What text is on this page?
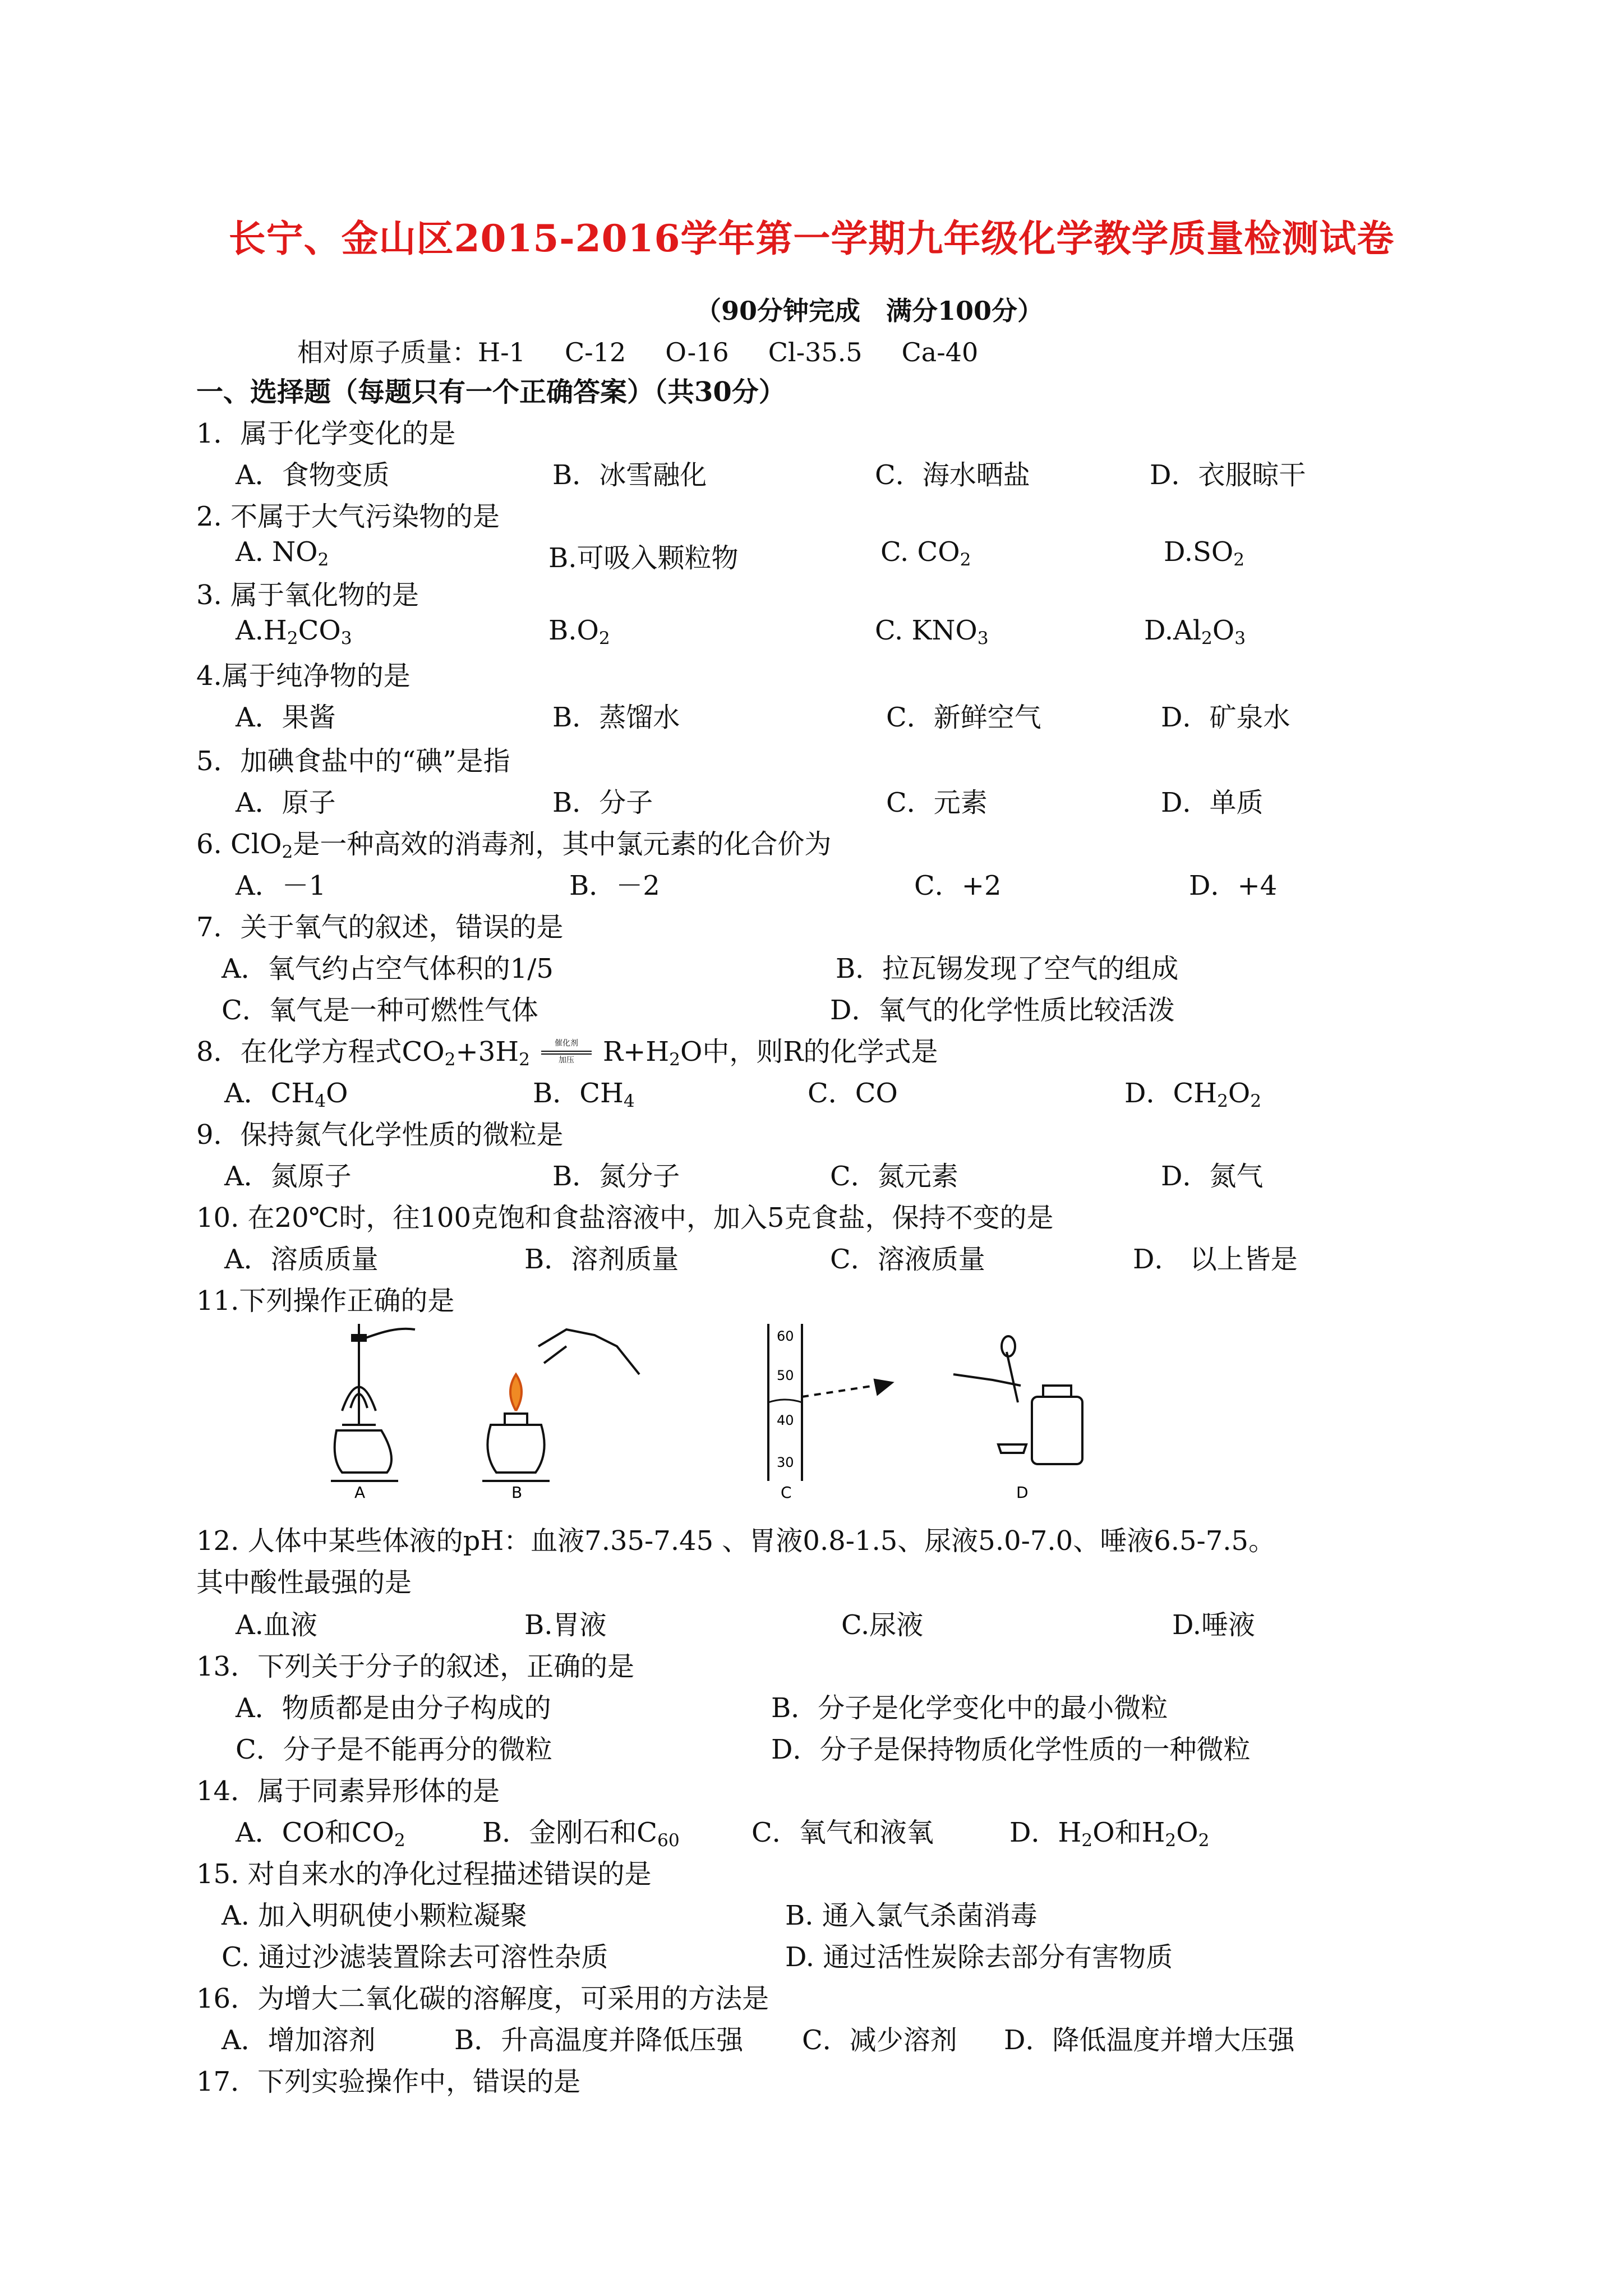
长宁、金山区2015-2016学年第一学期九年级化学教学质量检测试卷
（90分钟完成　满分100分）
相对原子质量：H-1 C-12 O-16 Cl-35.5 Ca-40
一、选择题（每题只有一个正确答案）（共30分）
1．属于化学变化的是
A．食物变质	B．冰雪融化	C．海水晒盐	D．衣服晾干
2. 不属于大气污染物的是
A. $NO_2$	B.可吸入颗粒物	C. $CO_2$	$D.SO_2$
3. 属于氧化物的是
$A.H_2CO_3$	$B.O_2$	C. $KNO_3$	$D.Al_2O_3$
4.属于纯净物的是
A．果酱	B．蒸馏水	C．新鲜空气	D．矿泉水
5．加碘食盐中的“碘”是指
A．原子	B．分子	C．元素	D．单质
6. ClO$_2$是一种高效的消毒剂，其中氯元素的化合价为
A．－1	B．－2	C．+2	D．+4
7．关于氧气的叙述，错误的是
A．氧气约占空气体积的1/5	B．拉瓦锡发现了空气的组成
C．氧气是一种可燃性气体	D．氧气的化学性质比较活泼
8．在化学方程式$CO_2+3H_2$
催化剂
加压	$R+H_2O$中，则R的化学式是
A．$CH_4O$	B．$CH_4$	C．CO	D．$CH_2O_2$
9．保持氮气化学性质的微粒是
A．氮原子	B．氮分子	C．氮元素	D．氮气
10. 在20℃时，往100克饱和食盐溶液中，加入5克食盐，保持不变的是
A．溶质质量	B．溶剂质量	C．溶液质量	D． 以上皆是
11.下列操作正确的是
A	B
60
50
40
30
C	D
12. 人体中某些体液的pH：血液7.35-7.45 、胃液0.8-1.5、尿液5.0-7.0、唾液6.5-7.5。
其中酸性最强的是
A.血液	B.胃液	C.尿液	D.唾液
13．下列关于分子的叙述，正确的是
A．物质都是由分子构成的	B．分子是化学变化中的最小微粒
C．分子是不能再分的微粒	D．分子是保持物质化学性质的一种微粒
14．属于同素异形体的是
A．CO和$CO_2$	B．金刚石和$C_{60}$	C．氧气和液氧	D．$H_2O$和$H_2O_2$
15. 对自来水的净化过程描述错误的是
A. 加入明矾使小颗粒凝聚	B. 通入氯气杀菌消毒
C. 通过沙滤装置除去可溶性杂质	D. 通过活性炭除去部分有害物质
16．为增大二氧化碳的溶解度，可采用的方法是
A．增加溶剂	B．升高温度并降低压强 C．减少溶剂 D．降低温度并增大压强
17．下列实验操作中，错误的是
